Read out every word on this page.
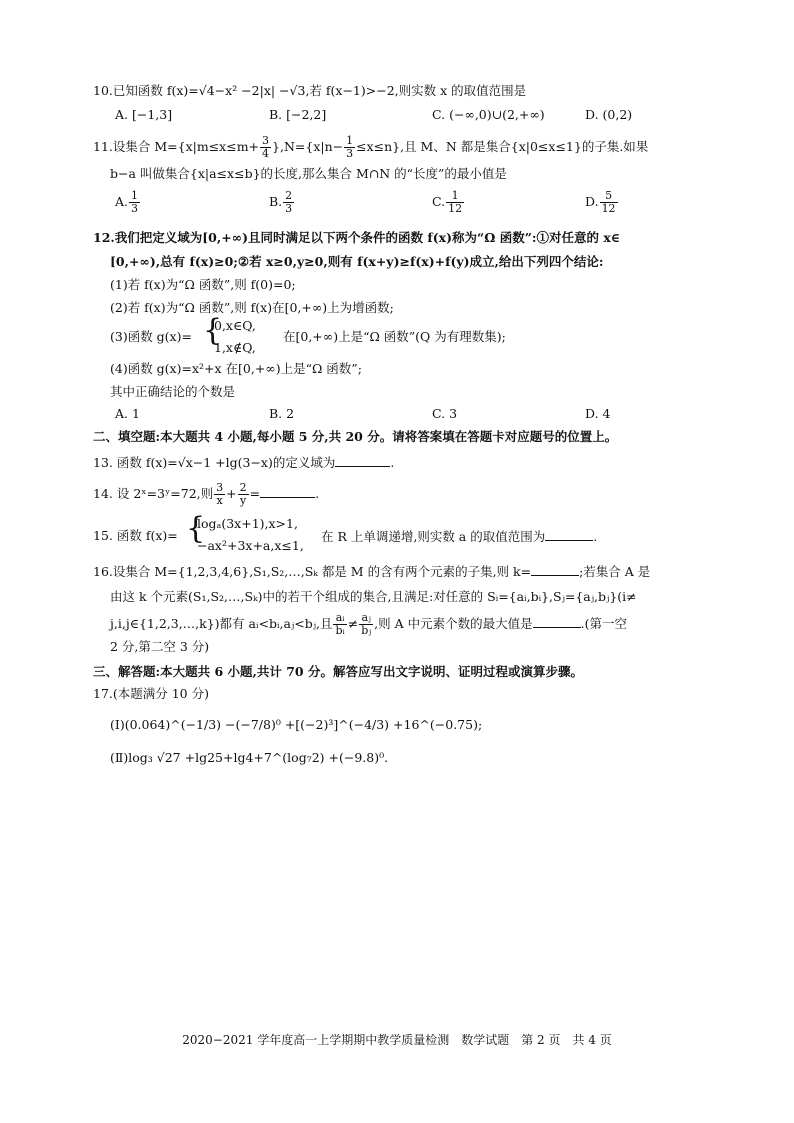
10.已知函数 f(x)=√4−x² −2|x| −√3,若 f(x−1)>−2,则实数 x 的取值范围是
A. [−1,3]	B. [−2,2]	C. (−∞,0)∪(2,+∞)	D. (0,2)
11.设集合 $M=\{x|m\le x\le m+ \frac{3}{4} \},N=\{x|n- \frac{1}{3} \le x\le n\}$,且 M、N 都是集合{x|0≤x≤1}的子集.如果
b−a 叫做集合{x|a≤x≤b}的长度,那么集合 M∩N 的“长度”的最小值是
A. $\frac{1}{3}$	B. $\frac{2}{3}$	C. $\frac{1}{12}$	D. $\frac{5}{12}$
12.我们把定义域为[0,+∞)且同时满足以下两个条件的函数 f(x)称为“Ω 函数”:①对任意的 x∈
[0,+∞),总有 f(x)≥0;②若 x≥0,y≥0,则有 f(x+y)≥f(x)+f(y)成立,给出下列四个结论:
(1)若 f(x)为“Ω 函数”,则 f(0)=0;
(2)若 f(x)为“Ω 函数”,则 f(x)在[0,+∞)上为增函数;
(3)函数 g(x)= {
0,x∈Q,
1,x∉Q,
在[0,+∞)上是“Ω 函数”(Q 为有理数集);
(4)函数 g(x)=x²+x 在[0,+∞)上是“Ω 函数”;
其中正确结论的个数是
A. 1	B. 2	C. 3	D. 4
二、填空题:本大题共 4 小题,每小题 5 分,共 20 分。请将答案填在答题卡对应题号的位置上。
13. 函数 f(x)=√x−1 +lg(3−x)的定义域为	.
14. 设 2ˣ=3ʸ=72,则 $\frac{3}{x} + \frac{2}{y}$ =	.
15. 函数 f(x)= {
logₐ(3x+1),x>1,
−ax²+3x+a,x≤1,
在 R 上单调递增,则实数 a 的取值范围为	.
16.设集合 M={1,2,3,4,6},S₁,S₂,…,Sₖ 都是 M 的含有两个元素的子集,则 k=	;若集合 A 是
由这 k 个元素(S₁,S₂,…,Sₖ)中的若干个组成的集合,且满足:对任意的 Sᵢ={aᵢ,bᵢ},Sⱼ={aⱼ,bⱼ}(i≠
j,i,j∈{1,2,3,…,k})都有 aᵢ<bᵢ,aⱼ<bⱼ,且 $\frac{\text{aᵢ}}{\text{bᵢ}} \ne \frac{\text{aⱼ}}{\text{bⱼ}}$ ,则 A 中元素个数的最大值是	.(第一空
2 分,第二空 3 分)
三、解答题:本大题共 6 小题,共计 70 分。解答应写出文字说明、证明过程或演算步骤。
17.(本题满分 10 分)
(Ⅰ)(0.064)^(−1/3) −(−7/8)⁰ +[(−2)³]^(−4/3) +16^(−0.75);
(Ⅱ)log₃ √27 +lg25+lg4+7^(log₇2) +(−9.8)⁰.
2020−2021 学年度高一上学期期中教学质量检测　数学试题　第 2 页　共 4 页
